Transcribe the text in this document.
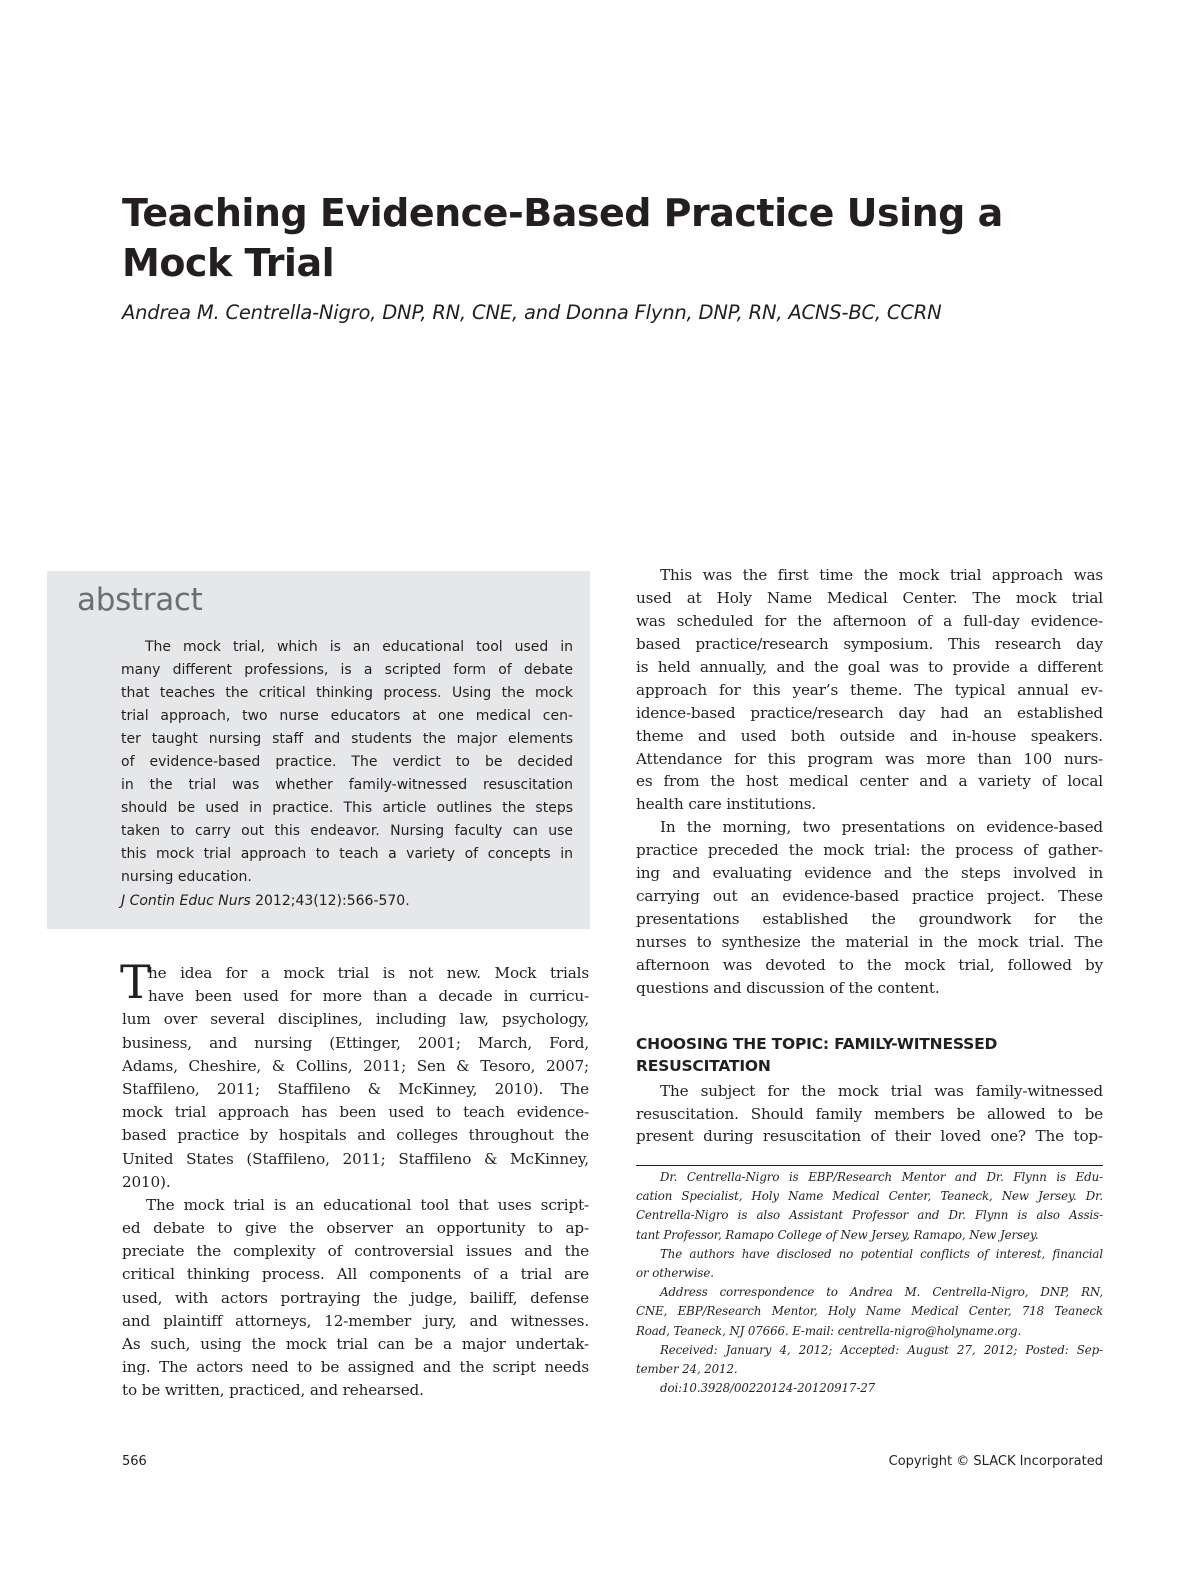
Teaching Evidence-Based Practice Using a
Mock Trial
Andrea M. Centrella-Nigro, DNP, RN, CNE, and Donna Flynn, DNP, RN, ACNS-BC, CCRN
abstract
The mock trial, which is an educational tool used in
many different professions, is a scripted form of debate
that teaches the critical thinking process. Using the mock
trial approach, two nurse educators at one medical cen-
ter taught nursing staff and students the major elements
of evidence-based practice. The verdict to be decided
in the trial was whether family-witnessed resuscitation
should be used in practice. This article outlines the steps
taken to carry out this endeavor. Nursing faculty can use
this mock trial approach to teach a variety of concepts in
nursing education.
J Contin Educ Nurs 2012;43(12):566-570.
T
he idea for a mock trial is not new. Mock trials
have been used for more than a decade in curricu-
lum over several disciplines, including law, psychology,
business, and nursing (Ettinger, 2001; March, Ford,
Adams, Cheshire, & Collins, 2011; Sen & Tesoro, 2007;
Staffileno, 2011; Staffileno & McKinney, 2010). The
mock trial approach has been used to teach evidence-
based practice by hospitals and colleges throughout the
United States (Staffileno, 2011; Staffileno & McKinney,
2010).
The mock trial is an educational tool that uses script-
ed debate to give the observer an opportunity to ap-
preciate the complexity of controversial issues and the
critical thinking process. All components of a trial are
used, with actors portraying the judge, bailiff, defense
and plaintiff attorneys, 12-member jury, and witnesses.
As such, using the mock trial can be a major undertak-
ing. The actors need to be assigned and the script needs
to be written, practiced, and rehearsed.
This was the first time the mock trial approach was
used at Holy Name Medical Center. The mock trial
was scheduled for the afternoon of a full-day evidence-
based practice/research symposium. This research day
is held annually, and the goal was to provide a different
approach for this year’s theme. The typical annual ev-
idence-based practice/research day had an established
theme and used both outside and in-house speakers.
Attendance for this program was more than 100 nurs-
es from the host medical center and a variety of local
health care institutions.
In the morning, two presentations on evidence-based
practice preceded the mock trial: the process of gather-
ing and evaluating evidence and the steps involved in
carrying out an evidence-based practice project. These
presentations established the groundwork for the
nurses to synthesize the material in the mock trial. The
afternoon was devoted to the mock trial, followed by
questions and discussion of the content.
CHOOSING THE TOPIC: FAMILY-WITNESSED
RESUSCITATION
The subject for the mock trial was family-witnessed
resuscitation. Should family members be allowed to be
present during resuscitation of their loved one? The top-
Dr. Centrella-Nigro is EBP/Research Mentor and Dr. Flynn is Edu-
cation Specialist, Holy Name Medical Center, Teaneck, New Jersey. Dr.
Centrella-Nigro is also Assistant Professor and Dr. Flynn is also Assis-
tant Professor, Ramapo College of New Jersey, Ramapo, New Jersey.
The authors have disclosed no potential conflicts of interest, financial
or otherwise.
Address correspondence to Andrea M. Centrella-Nigro, DNP, RN,
CNE, EBP/Research Mentor, Holy Name Medical Center, 718 Teaneck
Road, Teaneck, NJ 07666. E-mail: centrella-nigro@holyname.org.
Received: January 4, 2012; Accepted: August 27, 2012; Posted: Sep-
tember 24, 2012.
doi:10.3928/00220124-20120917-27
566	Copyright © SLACK Incorporated
